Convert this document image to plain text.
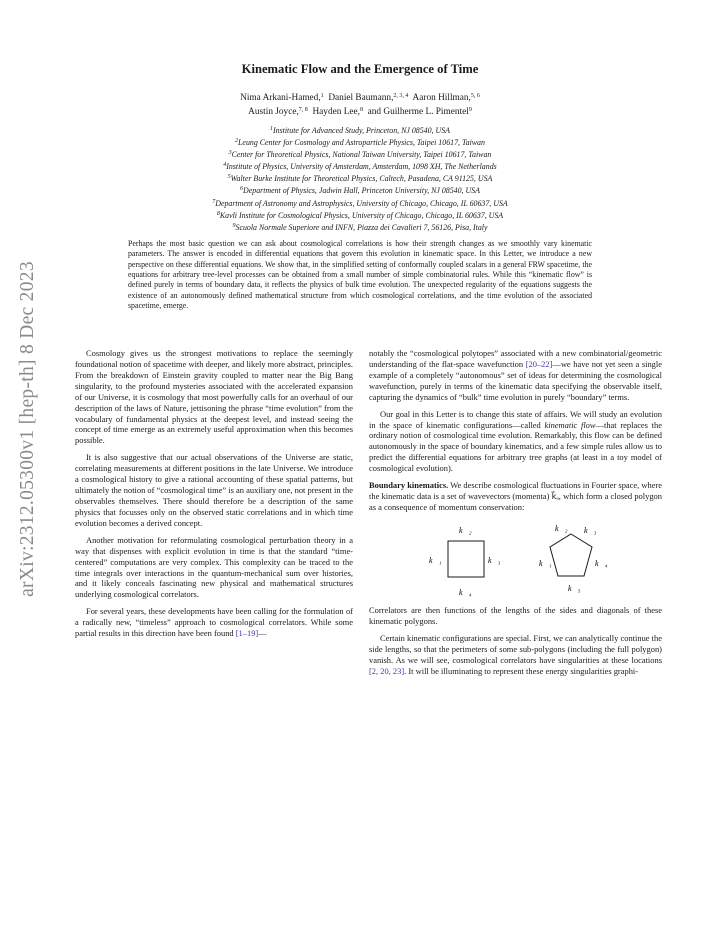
arXiv:2312.05300v1 [hep-th] 8 Dec 2023
Kinematic Flow and the Emergence of Time
Nima Arkani-Hamed,$^1$ Daniel Baumann,$^{2, 3, 4}$ Aaron Hillman,$^{5, 6}$
Austin Joyce,$^{7, 8}$ Hayden Lee,$^8$ and Guilherme L. Pimentel$^9$
$^1$Institute for Advanced Study, Princeton, NJ 08540, USA
$^2$Leung Center for Cosmology and Astroparticle Physics, Taipei 10617, Taiwan
$^3$Center for Theoretical Physics, National Taiwan University, Taipei 10617, Taiwan
$^4$Institute of Physics, University of Amsterdam, Amsterdam, 1098 XH, The Netherlands
$^5$Walter Burke Institute for Theoretical Physics, Caltech, Pasadena, CA 91125, USA
$^6$Department of Physics, Jadwin Hall, Princeton University, NJ 08540, USA
$^7$Department of Astronomy and Astrophysics, University of Chicago, Chicago, IL 60637, USA
$^8$Kavli Institute for Cosmological Physics, University of Chicago, Chicago, IL 60637, USA
$^9$Scuola Normale Superiore and INFN, Piazza dei Cavalieri 7, 56126, Pisa, Italy
Perhaps the most basic question we can ask about cosmological correlations is how their strength changes as we smoothly vary kinematic parameters. The answer is encoded in differential equations that govern this evolution in kinematic space. In this Letter, we introduce a new perspective on these differential equations. We show that, in the simplified setting of conformally coupled scalars in a general FRW spacetime, the equations for arbitrary tree-level processes can be obtained from a small number of simple combinatorial rules. While this “kinematic flow” is defined purely in terms of boundary data, it reflects the physics of bulk time evolution. The unexpected regularity of the equations suggests the existence of an autonomously defined mathematical structure from which cosmological correlations, and the time evolution of the associated spacetime, emerge.

Cosmology gives us the strongest motivations to replace the seemingly foundational notion of spacetime with deeper, and likely more abstract, principles. From the breakdown of Einstein gravity coupled to matter near the Big Bang singularity, to the profound mysteries associated with the accelerated expansion of our Universe, it is cosmology that most powerfully calls for an overhaul of our description of the laws of Nature, jettisoning the phrase “time evolution” from the vocabulary of fundamental physics at the deepest level, and instead seeing the concept of time emerge as an extremely useful approximation when this becomes possible.

It is also suggestive that our actual observations of the Universe are static, correlating measurements at different positions in the late Universe. We introduce a cosmological history to give a rational accounting of these spatial patterns, but ultimately the notion of “cosmological time” is an auxiliary one, not present in the observables themselves. There should therefore be a description of the same physics that focusses only on the observed static correlations and in which time evolution becomes a derived concept.

Another motivation for reformulating cosmological perturbation theory in a way that dispenses with explicit evolution in time is that the standard “time-centered” computations are very complex. This complexity can be traced to the time integrals over interactions in the quantum-mechanical sum over histories, and it likely conceals fascinating new physical and mathematical structures underlying cosmological correlators.

For several years, these developments have been calling for the formulation of a radically new, “timeless” approach to cosmological correlators. While some partial results in this direction have been found [1–19]—

notably the “cosmological polytopes” associated with a new combinatorial/geometric understanding of the flat-space wavefunction [20–22]—we have not yet seen a single example of a completely “autonomous” set of ideas for determining the cosmological wavefunction, purely in terms of the kinematic data specifying the observable itself, capturing the dynamics of “bulk” time evolution in purely “boundary” terms.

Our goal in this Letter is to change this state of affairs. We will study an evolution in the space of kinematic configurations—called kinematic flow—that replaces the ordinary notion of cosmological time evolution. Remarkably, this flow can be defined autonomously in the space of boundary kinematics, and a few simple rules allow us to predict the differential equations for arbitrary tree graphs (at least in a toy model of cosmological evolution).

Boundary kinematics. We describe cosmological fluctuations in Fourier space, where the kinematic data is a set of wavevectors (momenta) k⃗ₐ, which form a closed polygon as a consequence of momentum conservation:

k⃗₂
k⃗₁	k⃗₃
k⃗₄
k⃗₂ k⃗₃
k⃗₁	k⃗₄
k⃗₅

Correlators are then functions of the lengths of the sides and diagonals of these kinematic polygons.

Certain kinematic configurations are special. First, we can analytically continue the side lengths, so that the perimeters of some sub-polygons (including the full polygon) vanish. As we will see, cosmological correlators have singularities at these locations [2, 20, 23]. It will be illuminating to represent these energy singularities graphi-
